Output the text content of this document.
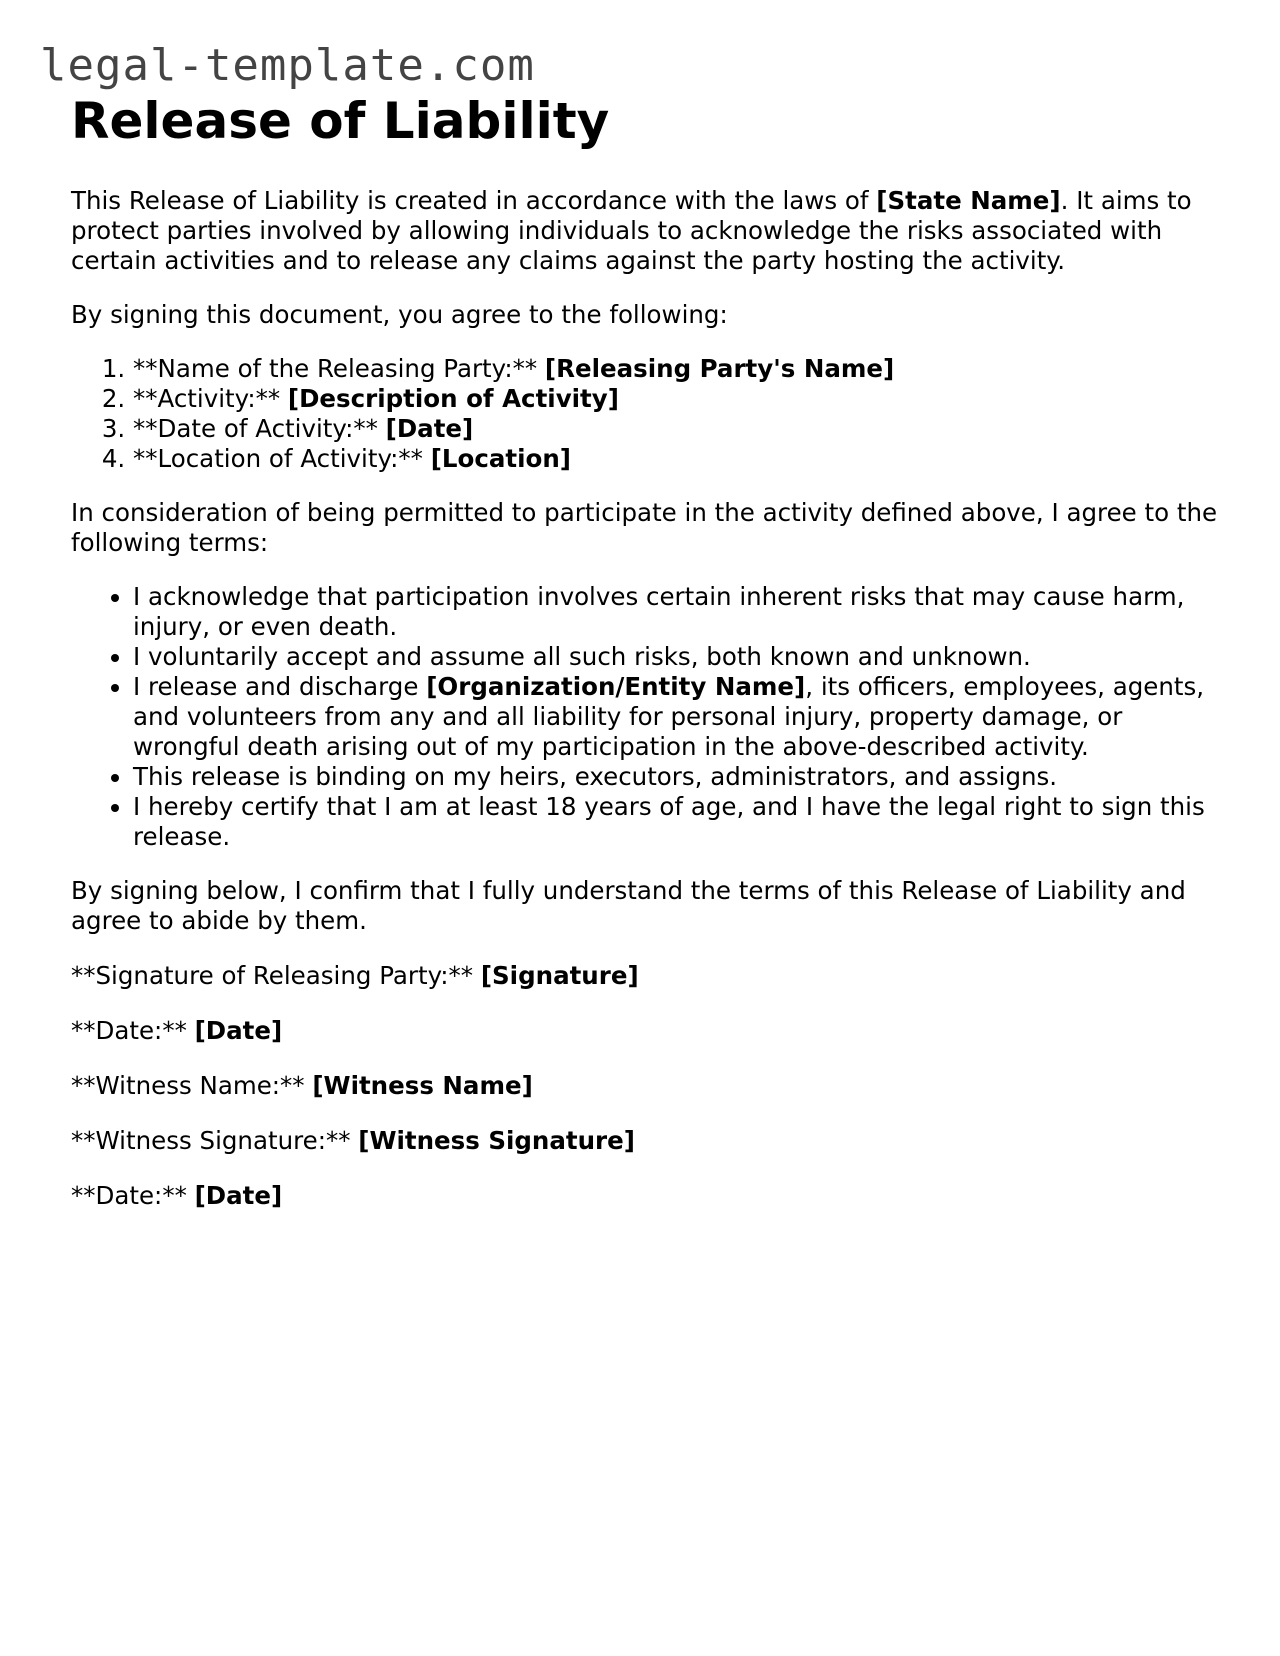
legal-template.com
Release of Liability

This Release of Liability is created in accordance with the laws of [State Name]. It aims to protect parties involved by allowing individuals to acknowledge the risks associated with certain activities and to release any claims against the party hosting the activity.

By signing this document, you agree to the following:

1. **Name of the Releasing Party:** [Releasing Party's Name]
2. **Activity:** [Description of Activity]
3. **Date of Activity:** [Date]
4. **Location of Activity:** [Location]

In consideration of being permitted to participate in the activity defined above, I agree to the following terms:

• I acknowledge that participation involves certain inherent risks that may cause harm, injury, or even death.
• I voluntarily accept and assume all such risks, both known and unknown.
• I release and discharge [Organization/Entity Name], its officers, employees, agents, and volunteers from any and all liability for personal injury, property damage, or wrongful death arising out of my participation in the above-described activity.
• This release is binding on my heirs, executors, administrators, and assigns.
• I hereby certify that I am at least 18 years of age, and I have the legal right to sign this release.

By signing below, I confirm that I fully understand the terms of this Release of Liability and agree to abide by them.

**Signature of Releasing Party:** [Signature]

**Date:** [Date]

**Witness Name:** [Witness Name]

**Witness Signature:** [Witness Signature]

**Date:** [Date]
